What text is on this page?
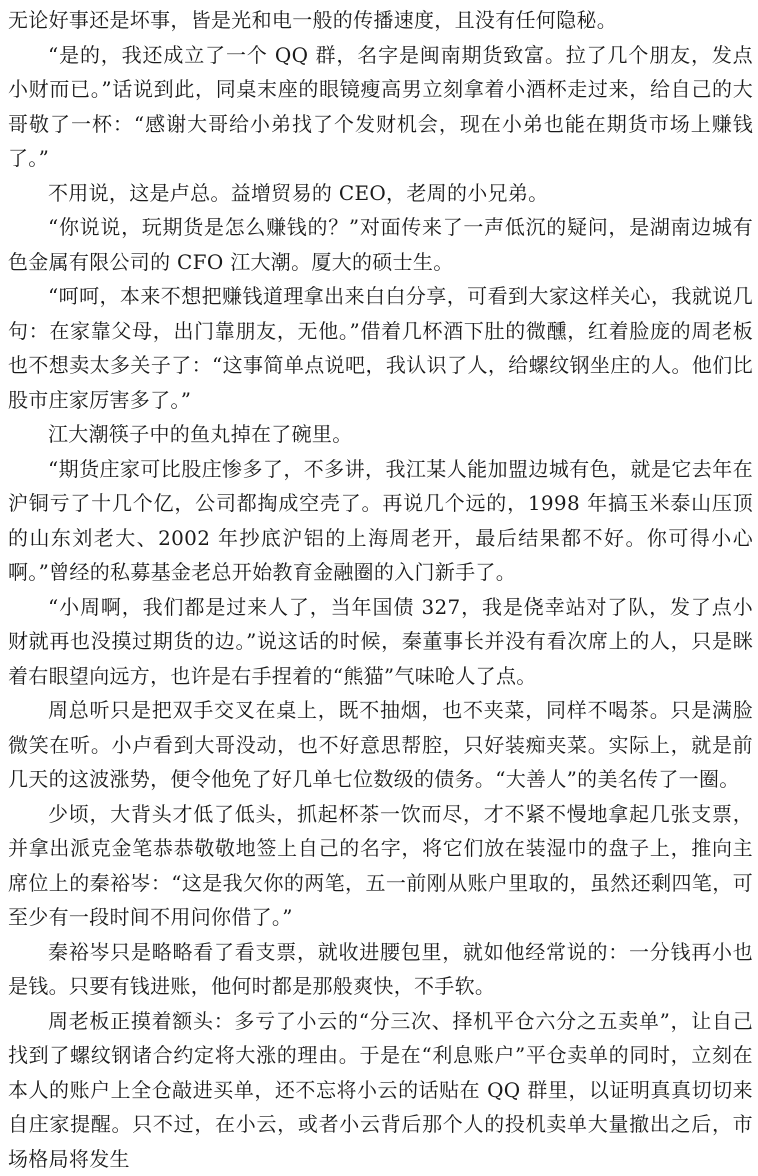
无论好事还是坏事，皆是光和电一般的传播速度，且没有任何隐秘。

“是的，我还成立了一个 QQ 群，名字是闽南期货致富。拉了几个朋友，发点小财而已。”话说到此，同桌末座的眼镜瘦高男立刻拿着小酒杯走过来，给自己的大哥敬了一杯：“感谢大哥给小弟找了个发财机会，现在小弟也能在期货市场上赚钱了。”

不用说，这是卢总。益增贸易的 CEO，老周的小兄弟。

“你说说，玩期货是怎么赚钱的？”对面传来了一声低沉的疑问，是湖南边城有色金属有限公司的 CFO 江大潮。厦大的硕士生。

“呵呵，本来不想把赚钱道理拿出来白白分享，可看到大家这样关心，我就说几句：在家靠父母，出门靠朋友，无他。”借着几杯酒下肚的微醺，红着脸庞的周老板也不想卖太多关子了：“这事简单点说吧，我认识了人，给螺纹钢坐庄的人。他们比股市庄家厉害多了。”

江大潮筷子中的鱼丸掉在了碗里。

“期货庄家可比股庄惨多了，不多讲，我江某人能加盟边城有色，就是它去年在沪铜亏了十几个亿，公司都掏成空壳了。再说几个远的，1998 年搞玉米泰山压顶的山东刘老大、2002 年抄底沪铝的上海周老开，最后结果都不好。你可得小心啊。”曾经的私募基金老总开始教育金融圈的入门新手了。

“小周啊，我们都是过来人了，当年国债 327，我是侥幸站对了队，发了点小财就再也没摸过期货的边。”说这话的时候，秦董事长并没有看次席上的人，只是眯着右眼望向远方，也许是右手捏着的“熊猫”气味呛人了点。

周总听只是把双手交叉在桌上，既不抽烟，也不夹菜，同样不喝茶。只是满脸微笑在听。小卢看到大哥没动，也不好意思帮腔，只好装痴夹菜。实际上，就是前几天的这波涨势，便令他免了好几单七位数级的债务。“大善人”的美名传了一圈。

少顷，大背头才低了低头，抓起杯茶一饮而尽，才不紧不慢地拿起几张支票，并拿出派克金笔恭恭敬敬地签上自己的名字，将它们放在装湿巾的盘子上，推向主席位上的秦裕岑：“这是我欠你的两笔，五一前刚从账户里取的，虽然还剩四笔，可至少有一段时间不用问你借了。”

秦裕岑只是略略看了看支票，就收进腰包里，就如他经常说的：一分钱再小也是钱。只要有钱进账，他何时都是那般爽快，不手软。

周老板正摸着额头：多亏了小云的“分三次、择机平仓六分之五卖单”，让自己找到了螺纹钢诸合约定将大涨的理由。于是在“利息账户”平仓卖单的同时，立刻在本人的账户上全仓敲进买单，还不忘将小云的话贴在 QQ 群里，以证明真真切切来自庄家提醒。只不过，在小云，或者小云背后那个人的投机卖单大量撤出之后，市场格局将发生
